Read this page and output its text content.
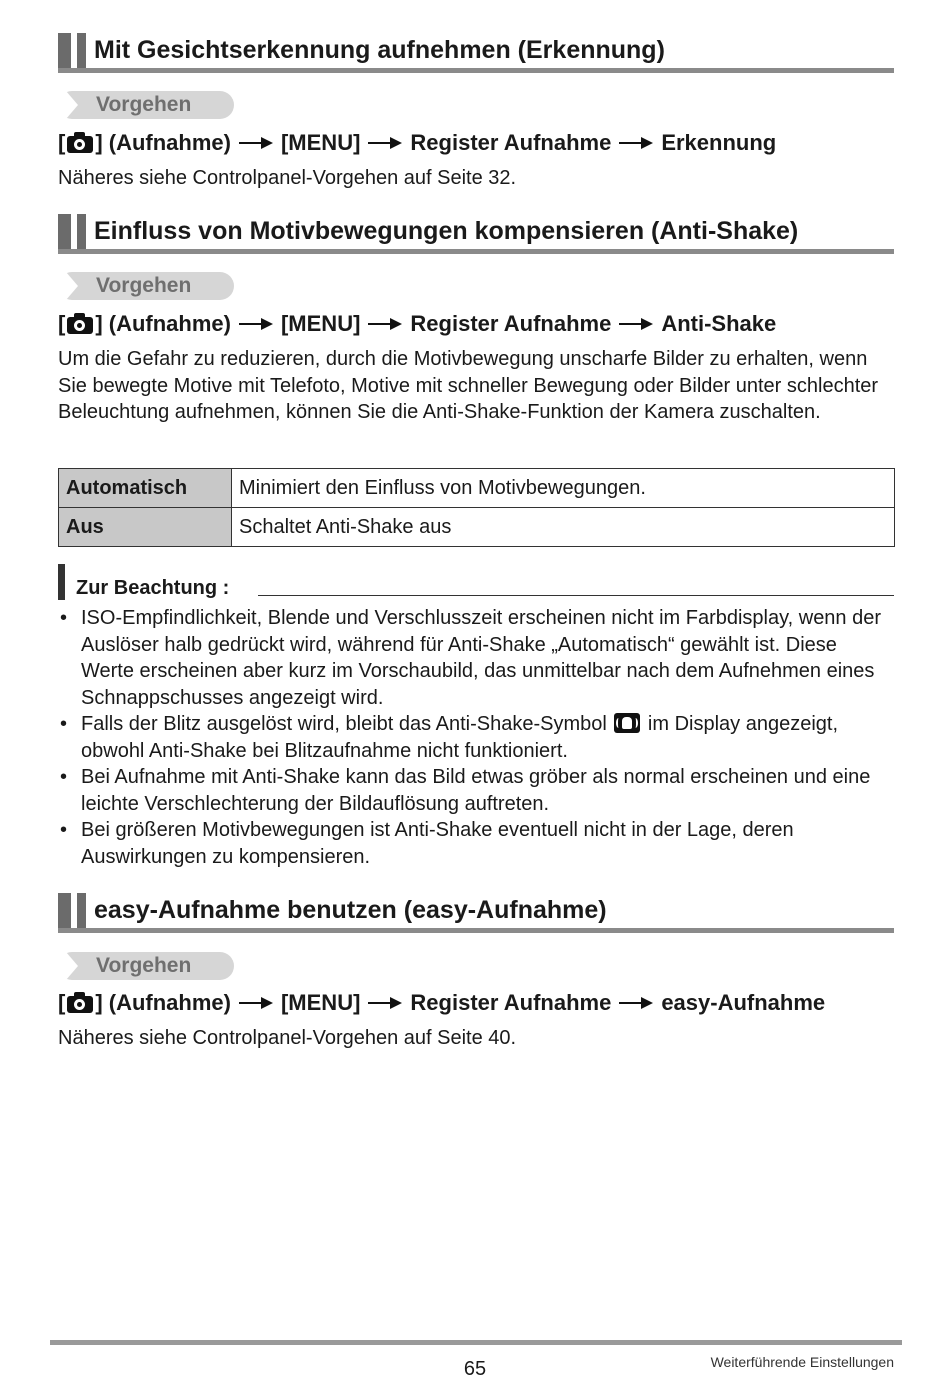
Mit Gesichtserkennung aufnehmen (Erkennung)
Vorgehen
[ ] (Aufnahme) [MENU] Register Aufnahme Erkennung
Näheres siehe Controlpanel-Vorgehen auf Seite 32.
Einfluss von Motivbewegungen kompensieren (Anti-Shake)
Vorgehen
[ ] (Aufnahme) [MENU] Register Aufnahme Anti-Shake
Um die Gefahr zu reduzieren, durch die Motivbewegung unscharfe Bilder zu erhalten, wenn Sie bewegte Motive mit Telefoto, Motive mit schneller Bewegung oder Bilder unter schlechter Beleuchtung aufnehmen, können Sie die Anti-Shake-Funktion der Kamera zuschalten.
Automatisch	Minimiert den Einfluss von Motivbewegungen.
Aus	Schaltet Anti-Shake aus
Zur Beachtung :
• ISO-Empfindlichkeit, Blende und Verschlusszeit erscheinen nicht im Farbdisplay, wenn der Auslöser halb gedrückt wird, während für Anti-Shake „Automatisch“ gewählt ist. Diese Werte erscheinen aber kurz im Vorschaubild, das unmittelbar nach dem Aufnehmen eines Schnappschusses angezeigt wird.
• Falls der Blitz ausgelöst wird, bleibt das Anti-Shake-Symbol im Display angezeigt, obwohl Anti-Shake bei Blitzaufnahme nicht funktioniert.
• Bei Aufnahme mit Anti-Shake kann das Bild etwas gröber als normal erscheinen und eine leichte Verschlechterung der Bildauflösung auftreten.
• Bei größeren Motivbewegungen ist Anti-Shake eventuell nicht in der Lage, deren Auswirkungen zu kompensieren.
easy-Aufnahme benutzen (easy-Aufnahme)
Vorgehen
[ ] (Aufnahme) [MENU] Register Aufnahme easy-Aufnahme
Näheres siehe Controlpanel-Vorgehen auf Seite 40.
65	Weiterführende Einstellungen
